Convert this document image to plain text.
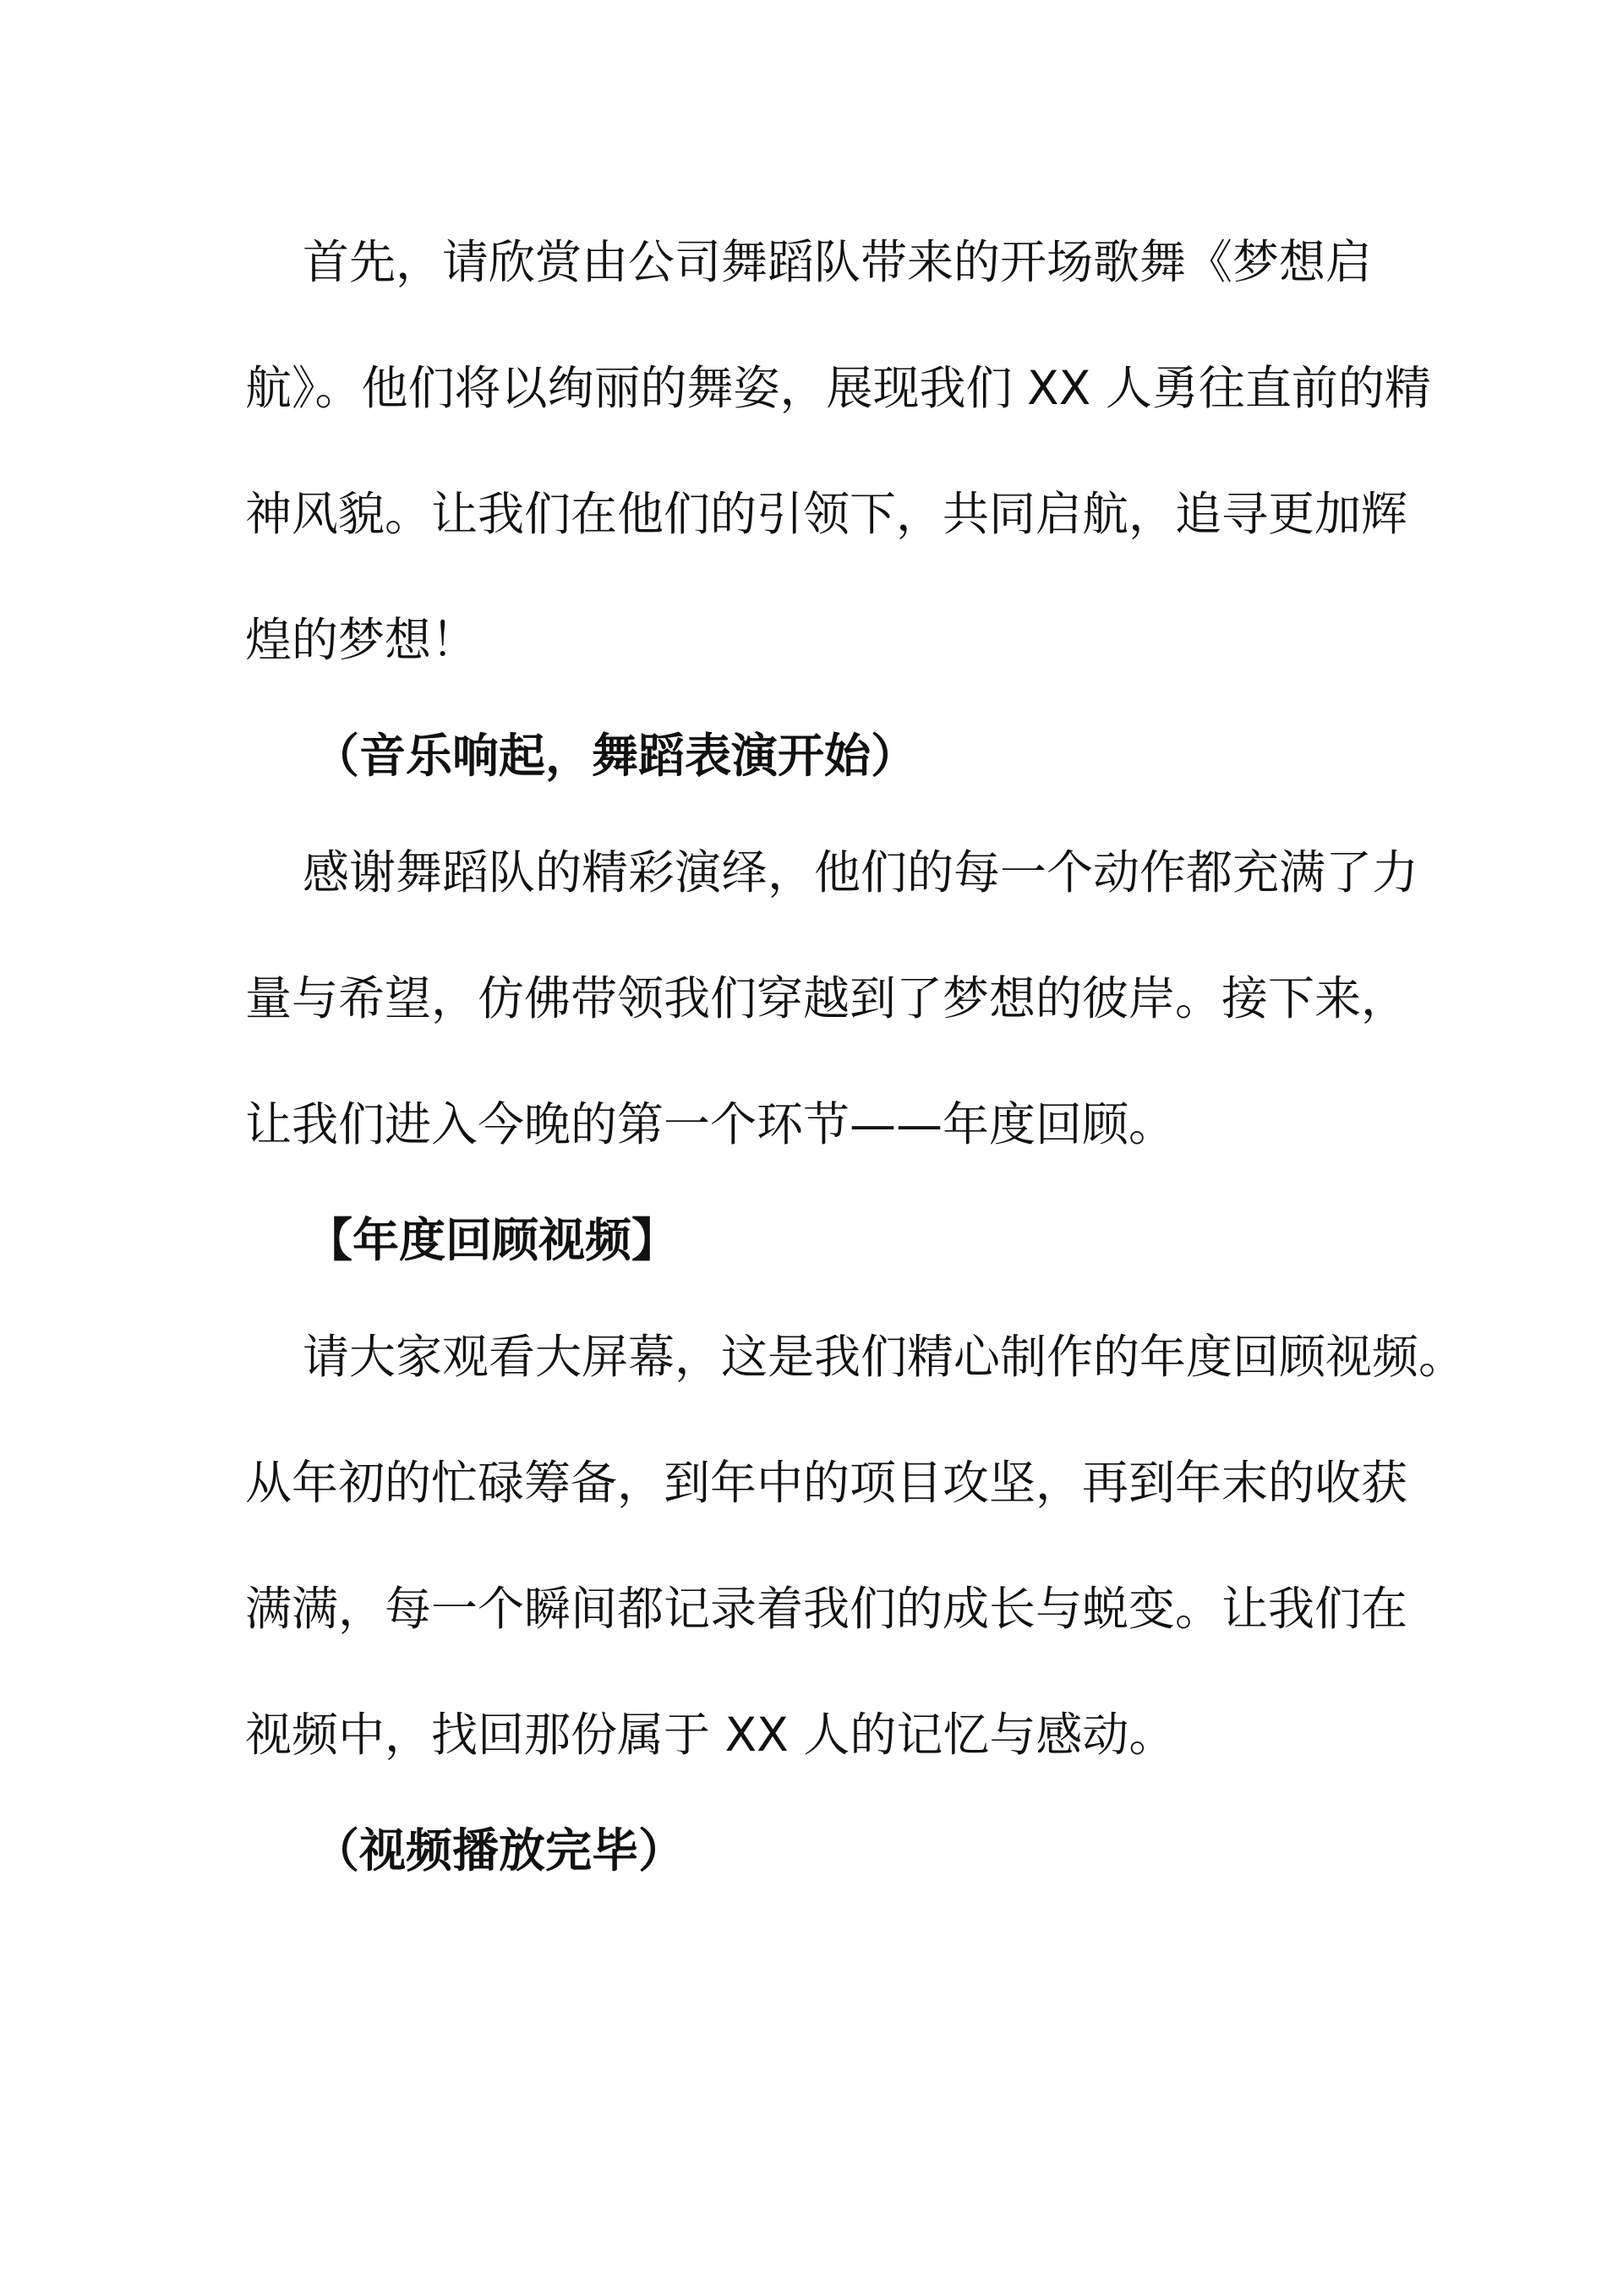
首先，请欣赏由公司舞蹈队带来的开场歌舞《梦想启
航》。他们将以绚丽的舞姿，展现我们 XX 人勇往直前的精
神风貌。让我们在他们的引领下，共同启航，追寻更加辉
煌的梦想！
（音乐响起，舞蹈表演开始）
感谢舞蹈队的精彩演绎，他们的每一个动作都充满了力
量与希望，仿佛带领我们穿越到了梦想的彼岸。接下来，
让我们进入今晚的第一个环节——年度回顾。
【年度回顾视频】
请大家观看大屏幕，这是我们精心制作的年度回顾视频。
从年初的忙碌筹备，到年中的项目攻坚，再到年末的收获
满满，每一个瞬间都记录着我们的成长与蜕变。让我们在
视频中，找回那份属于 XX 人的记忆与感动。
（视频播放完毕）
